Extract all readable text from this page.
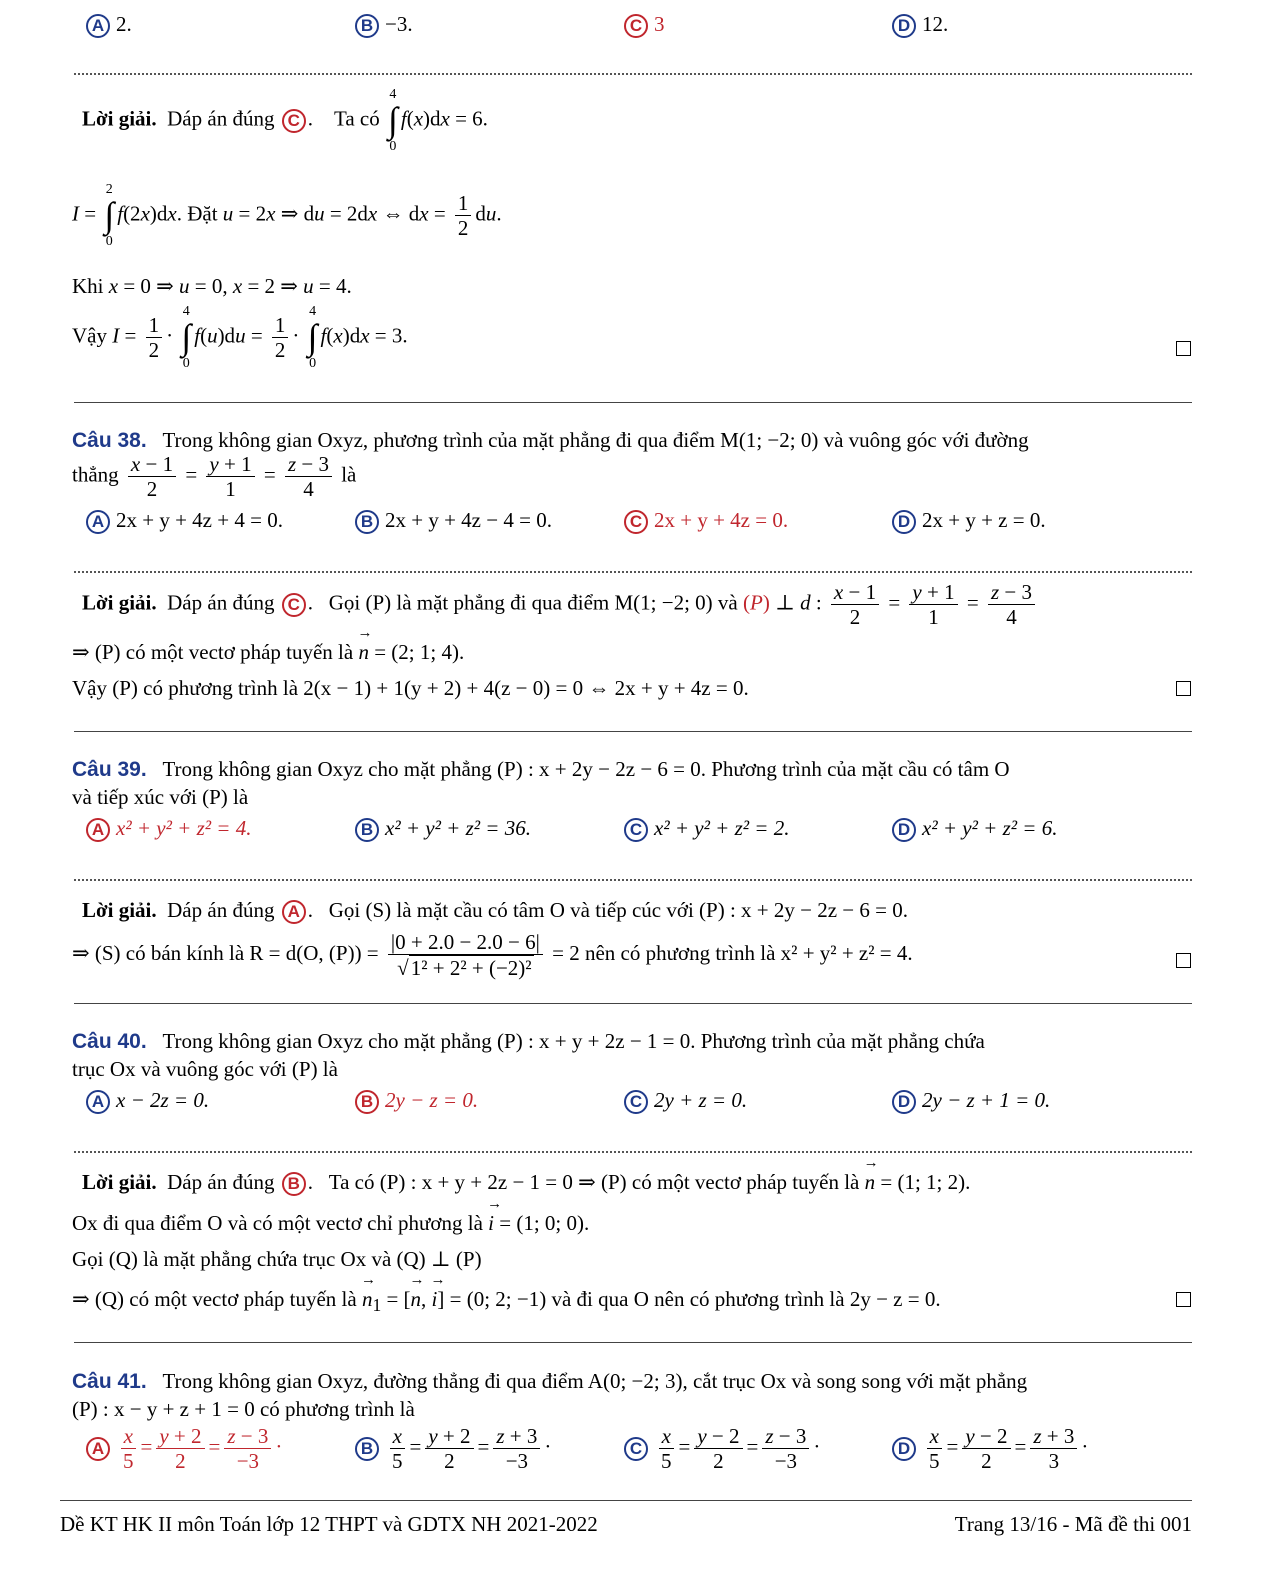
A 2.	B −3.	C 3	D 12.
Lời giải. Dáp án đúng C .    Ta có
4
∫
0
f(x)dx = 6.
I =
2
∫
0
f(2x)dx. Đặt u = 2x ⇒ du = 2dx ⇔ dx = $\frac{1}{2}$ du.
Khi x = 0 ⇒ u = 0, x = 2 ⇒ u = 4.
Vậy $I = \frac{1}{2}$ ·
4
∫
0
$f(u)du = \frac{1}{2}$ ·
4
∫
0
f(x)dx = 3.
Câu 38. Trong không gian Oxyz, phương trình của mặt phẳng đi qua điểm M(1; −2; 0) và vuông góc với đường
thẳng $\frac{x - 1}{2} = \frac{y + 1}{1} = \frac{z - 3}{4}$ là
A 2x + y + 4z + 4 = 0.	B 2x + y + 4z − 4 = 0.	C 2x + y + 4z = 0.	D 2x + y + z = 0.
Lời giải. Dáp án đúng C .   Gọi (P) là mặt phẳng đi qua điểm M(1; −2; 0) và (P) ⊥ d : $\frac{x - 1}{2} = \frac{y + 1}{1} = \frac{z - 3}{4}$
⇒ (P) có một vectơ pháp tuyến là → n = (2; 1; 4).
Vậy (P) có phương trình là 2(x − 1) + 1(y + 2) + 4(z − 0) = 0 ⇔ 2x + y + 4z = 0.
Câu 39. Trong không gian Oxyz cho mặt phẳng (P) : x + 2y − 2z − 6 = 0. Phương trình của mặt cầu có tâm O
và tiếp xúc với (P) là
A x² + y² + z² = 4.	B x² + y² + z² = 36.	C x² + y² + z² = 2.	D x² + y² + z² = 6.
Lời giải. Dáp án đúng A .   Gọi (S) là mặt cầu có tâm O và tiếp cúc với (P) : x + 2y − 2z − 6 = 0.
⇒ (S) có bán kính là R = d(O, $(P)) = \frac{|0 + 2.0 - 2.0 - 6|}{\text{√ 1² + 2² + (−2)²}} = 2$ nên có phương trình là x² + y² + z² = 4.
Câu 40. Trong không gian Oxyz cho mặt phẳng (P) : x + y + 2z − 1 = 0. Phương trình của mặt phẳng chứa
trục Ox và vuông góc với (P) là
A x − 2z = 0.	B 2y − z = 0.	C 2y + z = 0.	D 2y − z + 1 = 0.
Lời giải. Dáp án đúng B .   Ta có (P) : x + y + 2z − 1 = 0 ⇒ (P) có một vectơ pháp tuyến là → n = (1; 1; 2).
Ox đi qua điểm O và có một vectơ chỉ phương là → i = (1; 0; 0).
Gọi (Q) là mặt phẳng chứa trục Ox và (Q) ⊥ (P)
⇒ (Q) có một vectơ pháp tuyến là → $n_1$ = [→ n, → i] = (0; 2; −1) và đi qua O nên có phương trình là 2y − z = 0.
Câu 41. Trong không gian Oxyz, đường thẳng đi qua điểm A(0; −2; 3), cắt trục Ox và song song với mặt phẳng
(P) : x − y + z + 1 = 0 có phương trình là
A $\frac{x}{5} = \frac{y + 2}{2} = \frac{z - 3}{-3}$ ·	B $\frac{x}{5} = \frac{y + 2}{2} = \frac{z + 3}{-3}$ ·	C $\frac{x}{5} = \frac{y - 2}{2} = \frac{z - 3}{-3}$ ·	D $\frac{x}{5} = \frac{y - 2}{2} = \frac{z + 3}{3}$ ·
Dề KT HK II môn Toán lớp 12 THPT và GDTX NH 2021-2022	Trang 13/16 - Mã đề thi 001
